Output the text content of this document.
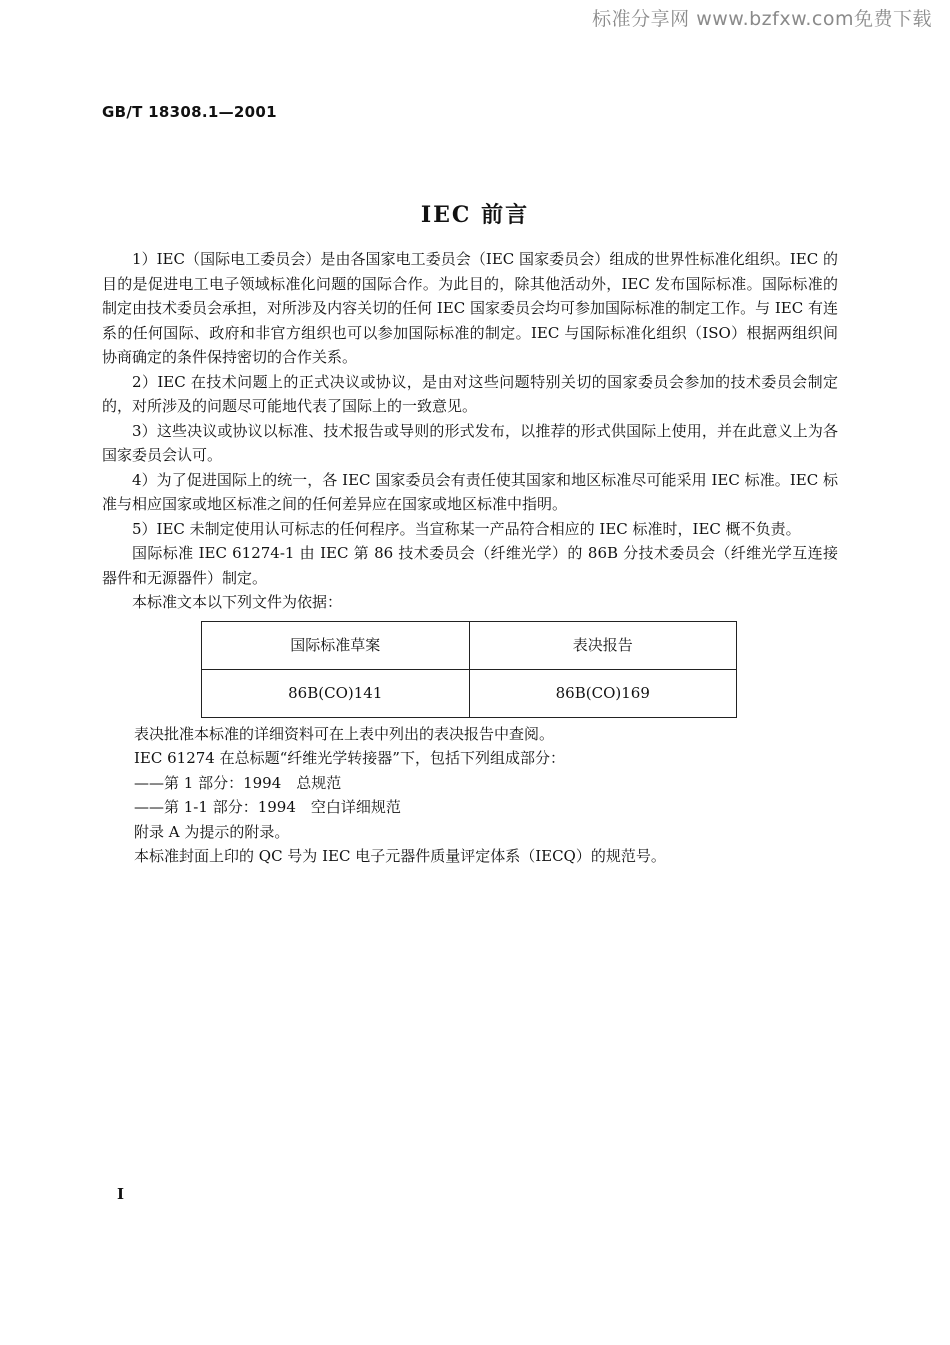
标准分享网 www.bzfxw.com免费下载
GB/T 18308.1—2001
IEC 前言

1）IEC（国际电工委员会）是由各国家电工委员会（IEC 国家委员会）组成的世界性标准化组织。IEC 的目的是促进电工电子领域标准化问题的国际合作。为此目的，除其他活动外，IEC 发布国际标准。国际标准的制定由技术委员会承担，对所涉及内容关切的任何 IEC 国家委员会均可参加国际标准的制定工作。与 IEC 有连系的任何国际、政府和非官方组织也可以参加国际标准的制定。IEC 与国际标准化组织（ISO）根据两组织间协商确定的条件保持密切的合作关系。

2）IEC 在技术问题上的正式决议或协议，是由对这些问题特别关切的国家委员会参加的技术委员会制定的，对所涉及的问题尽可能地代表了国际上的一致意见。

3）这些决议或协议以标准、技术报告或导则的形式发布，以推荐的形式供国际上使用，并在此意义上为各国家委员会认可。

4）为了促进国际上的统一，各 IEC 国家委员会有责任使其国家和地区标准尽可能采用 IEC 标准。IEC 标准与相应国家或地区标准之间的任何差异应在国家或地区标准中指明。

5）IEC 未制定使用认可标志的任何程序。当宣称某一产品符合相应的 IEC 标准时，IEC 概不负责。

国际标准 IEC 61274-1 由 IEC 第 86 技术委员会（纤维光学）的 86B 分技术委员会（纤维光学互连接器件和无源器件）制定。

本标准文本以下列文件为依据：

国际标准草案	表决报告
86B(CO)141	86B(CO)169

表决批准本标准的详细资料可在上表中列出的表决报告中查阅。

IEC 61274 在总标题“纤维光学转接器”下，包括下列组成部分：

——第 1 部分：1994　总规范

——第 1-1 部分：1994　空白详细规范

附录 A 为提示的附录。

本标准封面上印的 QC 号为 IEC 电子元器件质量评定体系（IECQ）的规范号。

I
